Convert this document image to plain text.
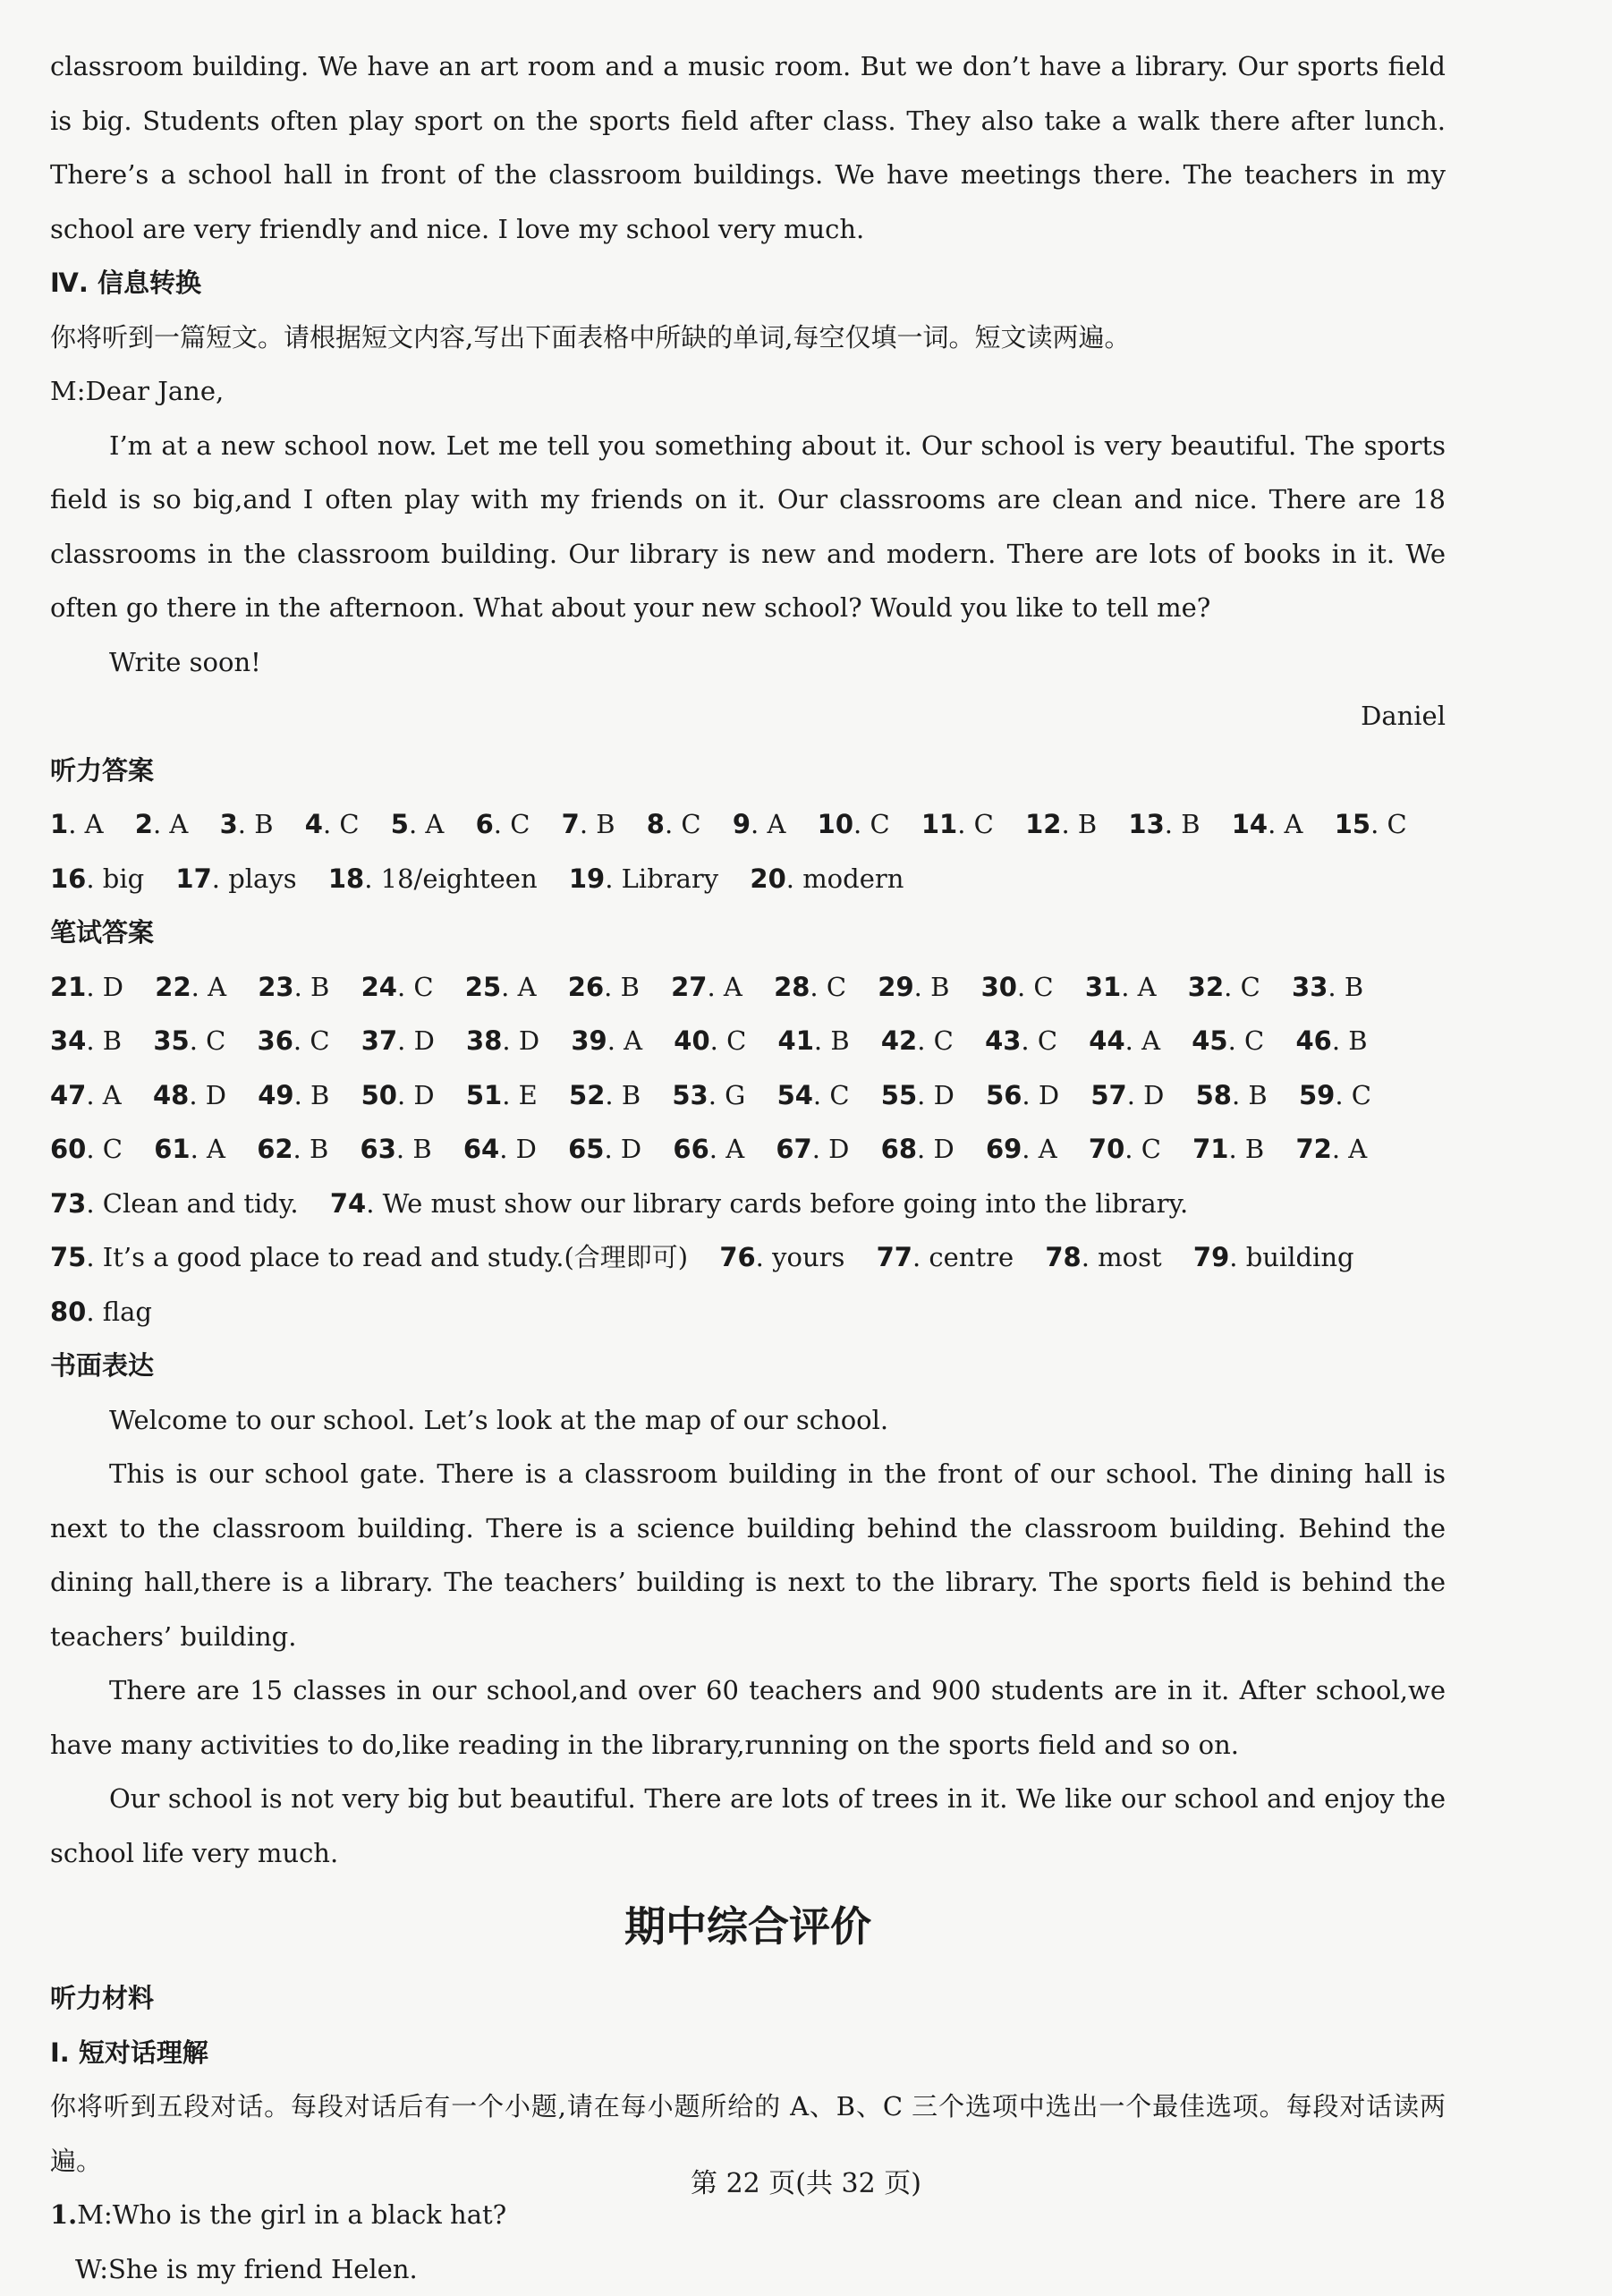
classroom building. We have an art room and a music room. But we don’t have a library. Our sports field is big. Students often play sport on the sports field after class. They also take a walk there after lunch. There’s a school hall in front of the classroom buildings. We have meetings there. The teachers in my school are very friendly and nice. I love my school very much.

Ⅳ. 信息转换

你将听到一篇短文。请根据短文内容,写出下面表格中所缺的单词,每空仅填一词。短文读两遍。

M:Dear Jane,

I’m at a new school now. Let me tell you something about it. Our school is very beautiful. The sports field is so big,and I often play with my friends on it. Our classrooms are clean and nice. There are 18 classrooms in the classroom building. Our library is new and modern. There are lots of books in it. We often go there in the afternoon. What about your new school? Would you like to tell me?

Write soon!

Daniel

听力答案

1. A 2. A 3. B 4. C 5. A 6. C 7. B 8. C 9. A 10. C 11. C 12. B 13. B 14. A 15. C 16. big 17. plays 18. 18/eighteen 19. Library 20. modern

笔试答案

21. D 22. A 23. B 24. C 25. A 26. B 27. A 28. C 29. B 30. C 31. A 32. C 33. B 34. B 35. C 36. C 37. D 38. D 39. A 40. C 41. B 42. C 43. C 44. A 45. C 46. B 47. A 48. D 49. B 50. D 51. E 52. B 53. G 54. C 55. D 56. D 57. D 58. B 59. C 60. C 61. A 62. B 63. B 64. D 65. D 66. A 67. D 68. D 69. A 70. C 71. B 72. A 73. Clean and tidy. 74. We must show our library cards before going into the library. 75. It’s a good place to read and study.(合理即可) 76. yours 77. centre 78. most 79. building 80. flag

书面表达

Welcome to our school. Let’s look at the map of our school.

This is our school gate. There is a classroom building in the front of our school. The dining hall is next to the classroom building. There is a science building behind the classroom building. Behind the dining hall,there is a library. The teachers’ building is next to the library. The sports field is behind the teachers’ building.

There are 15 classes in our school,and over 60 teachers and 900 students are in it. After school,we have many activities to do,like reading in the library,running on the sports field and so on.

Our school is not very big but beautiful. There are lots of trees in it. We like our school and enjoy the school life very much.

期中综合评价

听力材料

Ⅰ. 短对话理解

你将听到五段对话。每段对话后有一个小题,请在每小题所给的 A、B、C 三个选项中选出一个最佳选项。每段对话读两遍。

1.M:Who is the girl in a black hat?

W:She is my friend Helen.

第 22 页(共 32 页)
